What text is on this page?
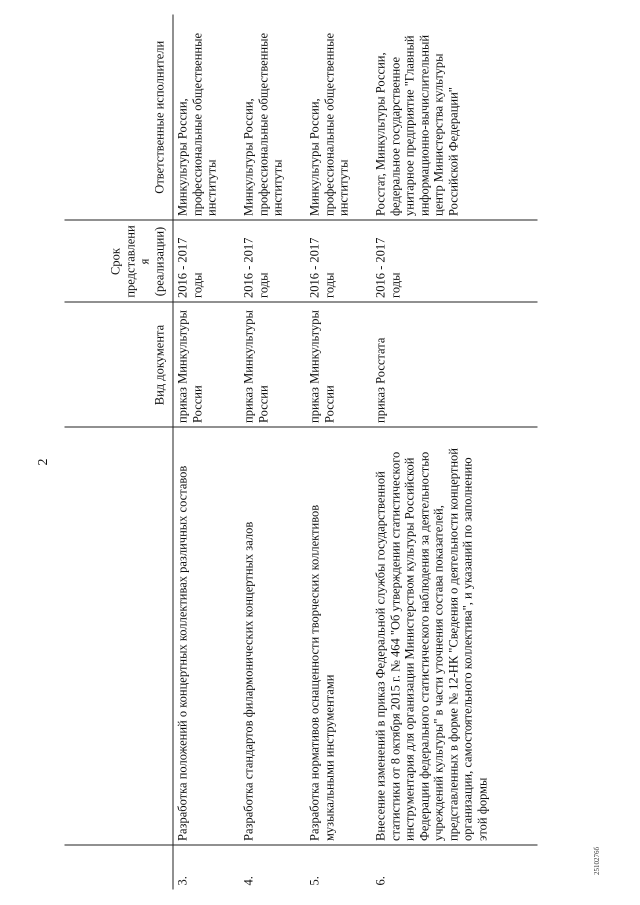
2
		Вид документа	Срок представления (реализации)	Ответственные исполнители
3.	Разработка положений о концертных коллективах различных составов	приказ Минкультуры России	2016 - 2017 годы	Минкультуры России, профессиональные общественные институты
4.	Разработка стандартов филармонических концертных залов	приказ Минкультуры России	2016 - 2017 годы	Минкультуры России, профессиональные общественные институты
5.	Разработка нормативов оснащенности творческих коллективов музыкальными инструментами	приказ Минкультуры России	2016 - 2017 годы	Минкультуры России, профессиональные общественные институты
6.	Внесение изменений в приказ Федеральной службы государственной статистики от 8 октября 2015 г. № 464 "Об утверждении статистического инструментария для организации Министерством культуры Российской Федерации федерального статистического наблюдения за деятельностью учреждений культуры" в части уточнения состава показателей, представленных в форме № 12-НК "Сведения о деятельности концертной организации, самостоятельного коллектива", и указаний по заполнению этой формы	приказ Росстата	2016 - 2017 годы	Росстат, Минкультуры России, федеральное государственное унитарное предприятие "Главный информационно-вычислительный центр Министерства культуры Российской Федерации"
2510276б
